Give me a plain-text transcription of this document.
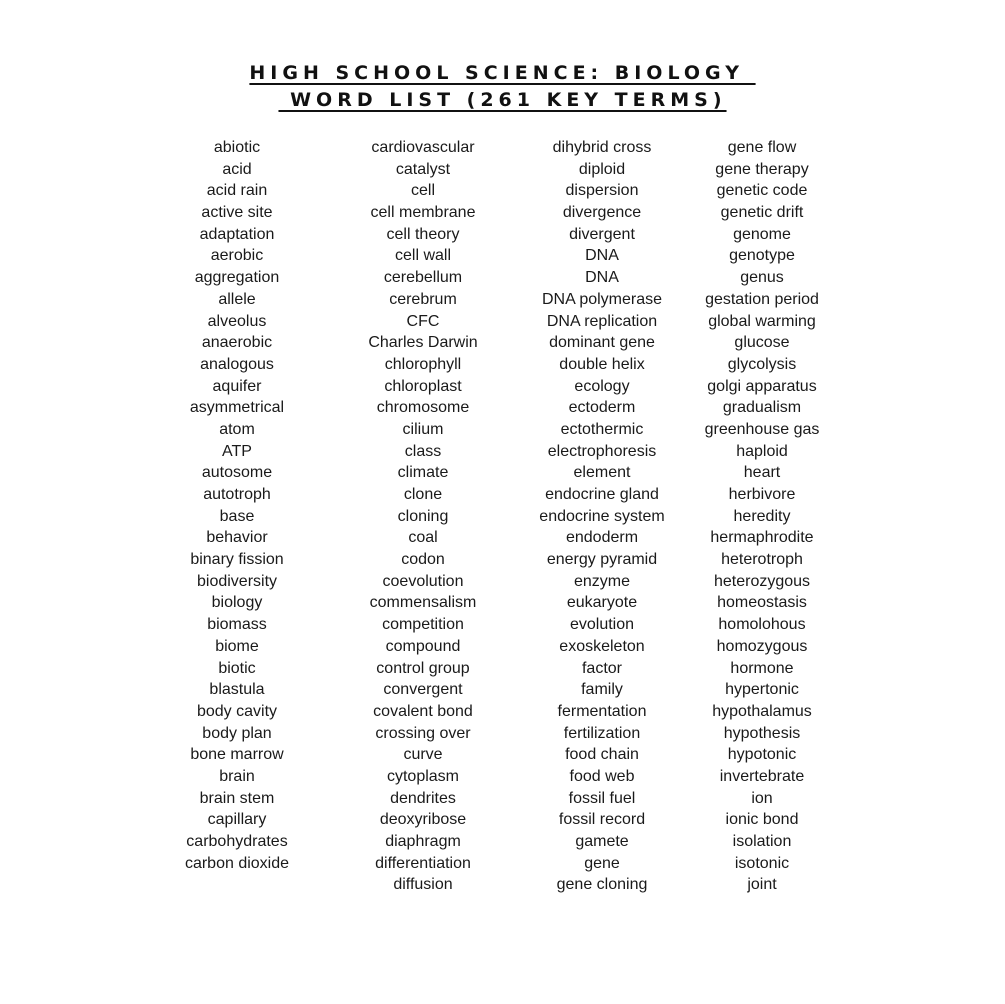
HIGH SCHOOL SCIENCE: BIOLOGY
WORD LIST (261 KEY TERMS)
abiotic
acid
acid rain
active site
adaptation
aerobic
aggregation
allele
alveolus
anaerobic
analogous
aquifer
asymmetrical
atom
ATP
autosome
autotroph
base
behavior
binary fission
biodiversity
biology
biomass
biome
biotic
blastula
body cavity
body plan
bone marrow
brain
brain stem
capillary
carbohydrates
carbon dioxide
cardiovascular
catalyst
cell
cell membrane
cell theory
cell wall
cerebellum
cerebrum
CFC
Charles Darwin
chlorophyll
chloroplast
chromosome
cilium
class
climate
clone
cloning
coal
codon
coevolution
commensalism
competition
compound
control group
convergent
covalent bond
crossing over
curve
cytoplasm
dendrites
deoxyribose
diaphragm
differentiation
diffusion
dihybrid cross
diploid
dispersion
divergence
divergent
DNA
DNA
DNA polymerase
DNA replication
dominant gene
double helix
ecology
ectoderm
ectothermic
electrophoresis
element
endocrine gland
endocrine system
endoderm
energy pyramid
enzyme
eukaryote
evolution
exoskeleton
factor
family
fermentation
fertilization
food chain
food web
fossil fuel
fossil record
gamete
gene
gene cloning
gene flow
gene therapy
genetic code
genetic drift
genome
genotype
genus
gestation period
global warming
glucose
glycolysis
golgi apparatus
gradualism
greenhouse gas
haploid
heart
herbivore
heredity
hermaphrodite
heterotroph
heterozygous
homeostasis
homolohous
homozygous
hormone
hypertonic
hypothalamus
hypothesis
hypotonic
invertebrate
ion
ionic bond
isolation
isotonic
joint
